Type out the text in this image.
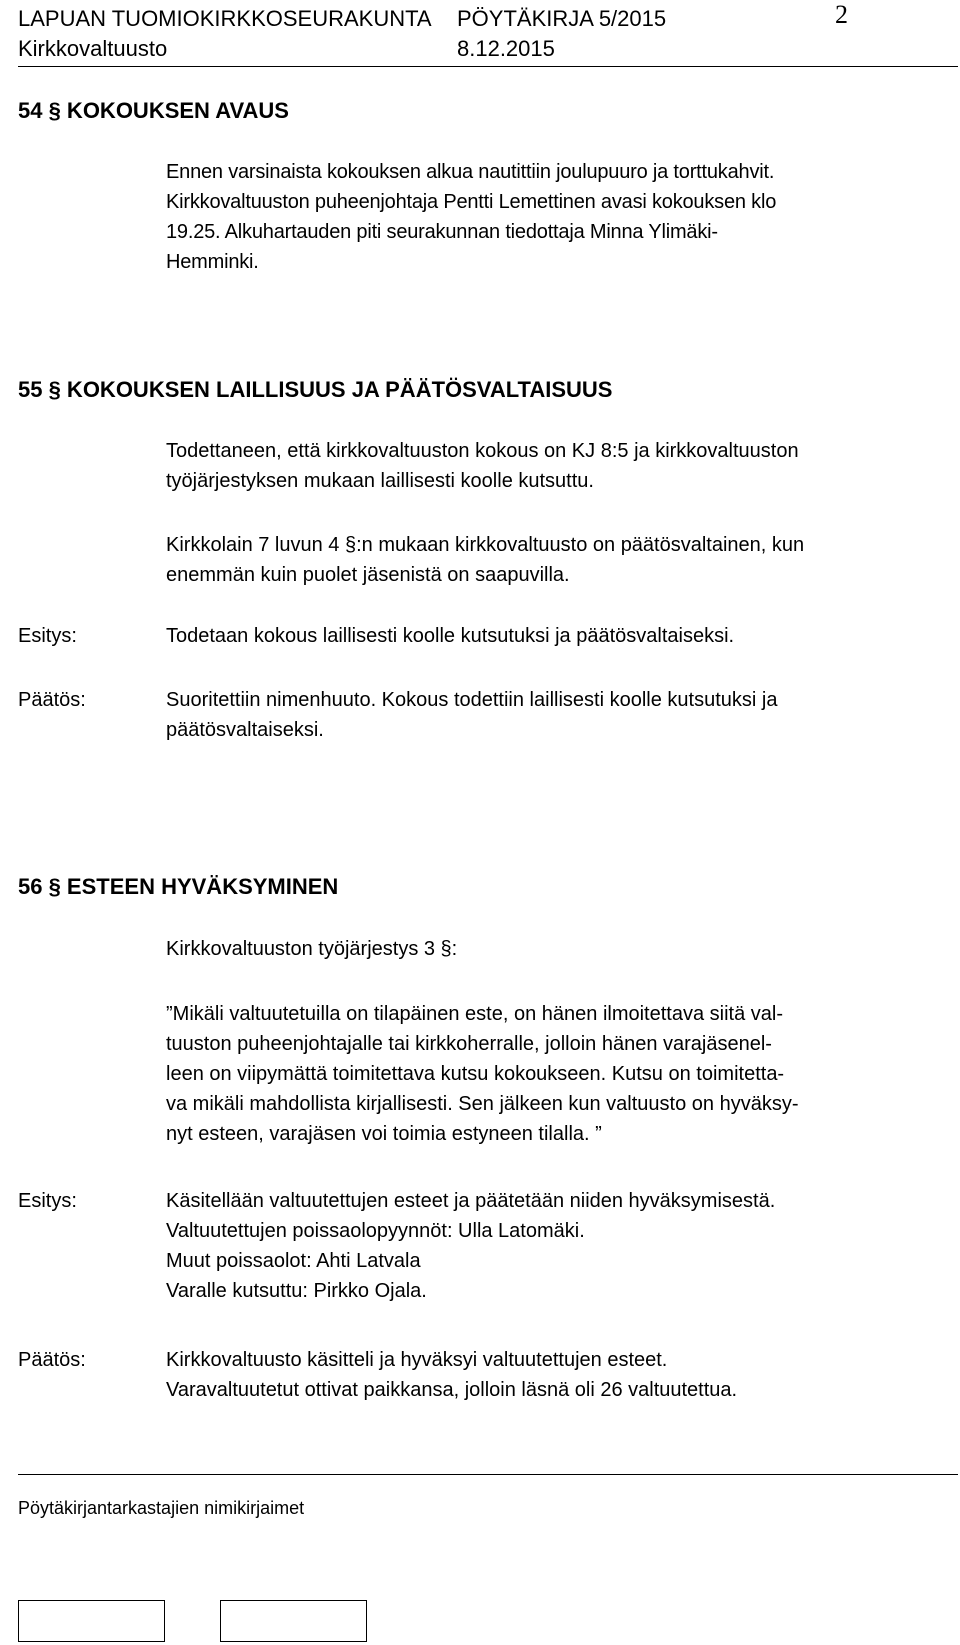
LAPUAN TUOMIOKIRKKOSEURAKUNTA PÖYTÄKIRJA 5/2015
Kirkkovaltuusto	8.12.2015
2
54 § KOKOUKSEN AVAUS
Ennen varsinaista kokouksen alkua nautittiin joulupuuro ja torttukahvit.
Kirkkovaltuuston puheenjohtaja Pentti Lemettinen avasi kokouksen klo
19.25. Alkuhartauden piti seurakunnan tiedottaja Minna Ylimäki-
Hemminki.
55 § KOKOUKSEN LAILLISUUS JA PÄÄTÖSVALTAISUUS
Todettaneen, että kirkkovaltuuston kokous on KJ 8:5 ja kirkkovaltuuston
työjärjestyksen mukaan laillisesti koolle kutsuttu.
Kirkkolain 7 luvun 4 §:n mukaan kirkkovaltuusto on päätösvaltainen, kun
enemmän kuin puolet jäsenistä on saapuvilla.
Esitys:	Todetaan kokous laillisesti koolle kutsutuksi ja päätösvaltaiseksi.
Päätös:	Suoritettiin nimenhuuto. Kokous todettiin laillisesti koolle kutsutuksi ja
päätösvaltaiseksi.
56 § ESTEEN HYVÄKSYMINEN
Kirkkovaltuuston työjärjestys 3 §:
”Mikäli valtuutetuilla on tilapäinen este, on hänen ilmoitettava siitä val-
tuuston puheenjohtajalle tai kirkkoherralle, jolloin hänen varajäsenel-
leen on viipymättä toimitettava kutsu kokoukseen. Kutsu on toimitetta-
va mikäli mahdollista kirjallisesti. Sen jälkeen kun valtuusto on hyväksy-
nyt esteen, varajäsen voi toimia estyneen tilalla. ”
Esitys:	Käsitellään valtuutettujen esteet ja päätetään niiden hyväksymisestä.
Valtuutettujen poissaolopyynnöt: Ulla Latomäki.
Muut poissaolot: Ahti Latvala
Varalle kutsuttu: Pirkko Ojala.
Päätös:	Kirkkovaltuusto käsitteli ja hyväksyi valtuutettujen esteet.
Varavaltuutetut ottivat paikkansa, jolloin läsnä oli 26 valtuutettua.
Pöytäkirjantarkastajien nimikirjaimet
